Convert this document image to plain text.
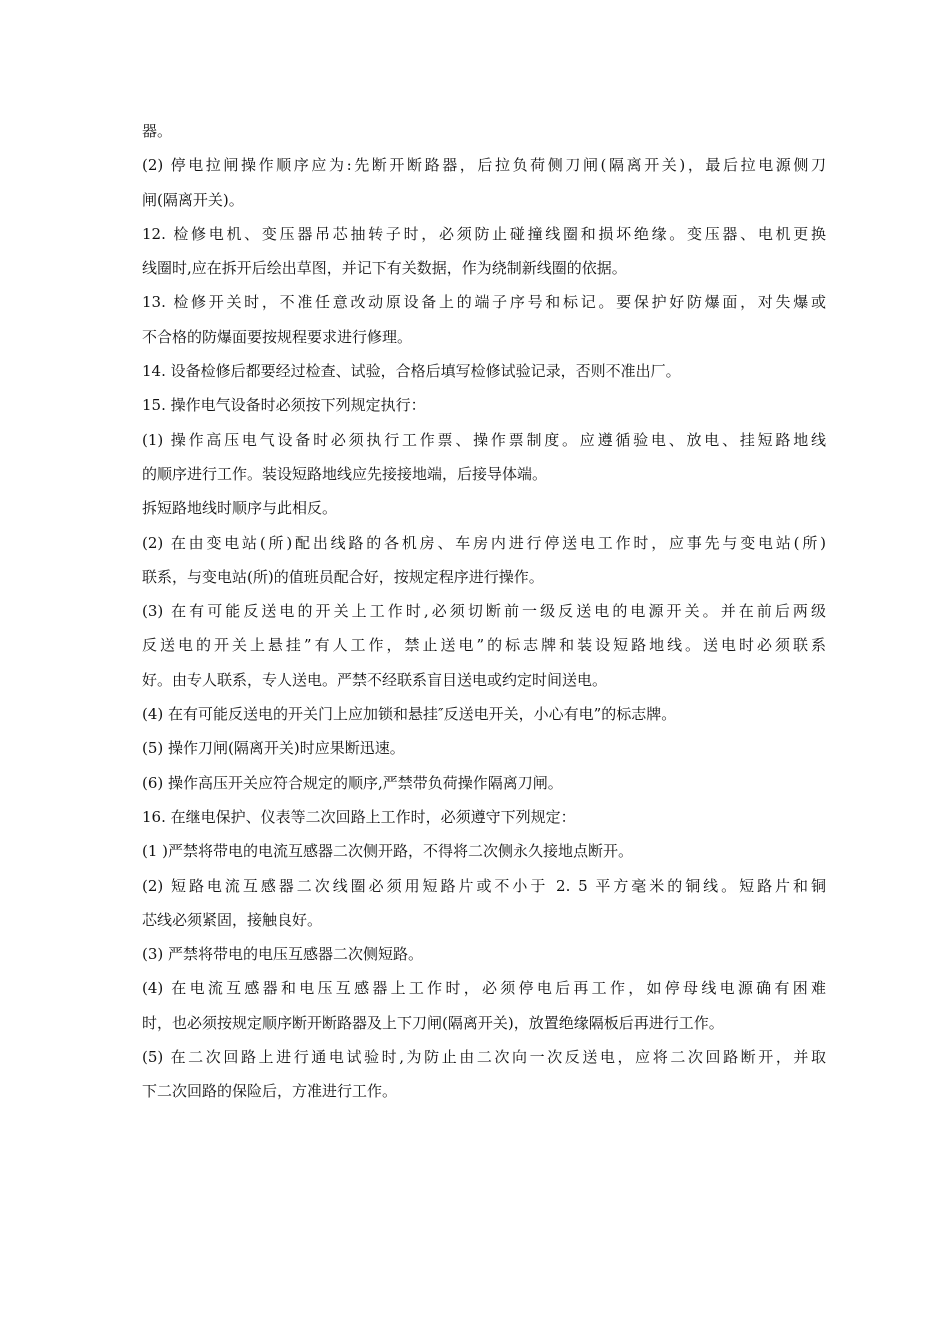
器。
(2) 停电拉闸操作顺序应为:先断开断路器，后拉负荷侧刀闸(隔离开关)，最后拉电源侧刀
闸(隔离开关)。
12. 检修电机、变压器吊芯抽转子时，必须防止碰撞线圈和损坏绝缘。变压器、电机更换
线圈时,应在拆开后绘出草图，并记下有关数据，作为绕制新线圈的依据。
13. 检修开关时，不准任意改动原设备上的端子序号和标记。要保护好防爆面，对失爆或
不合格的防爆面要按规程要求进行修理。
14. 设备检修后都要经过检查、试验，合格后填写检修试验记录，否则不准出厂。
15. 操作电气设备时必须按下列规定执行：
(1) 操作高压电气设备时必须执行工作票、操作票制度。应遵循验电、放电、挂短路地线
的顺序进行工作。装设短路地线应先接接地端，后接导体端。
拆短路地线时顺序与此相反。
(2) 在由变电站(所)配出线路的各机房、车房内进行停送电工作时，应事先与变电站(所)
联系，与变电站(所)的值班员配合好，按规定程序进行操作。
(3) 在有可能反送电的开关上工作时,必须切断前一级反送电的电源开关。并在前后两级
反送电的开关上悬挂”有人工作，禁止送电”的标志牌和装设短路地线。送电时必须联系
好。由专人联系，专人送电。严禁不经联系盲目送电或约定时间送电。
(4) 在有可能反送电的开关门上应加锁和悬挂″反送电开关，小心有电”的标志牌。
(5) 操作刀闸(隔离开关)时应果断迅速。
(6) 操作高压开关应符合规定的顺序,严禁带负荷操作隔离刀闸。
16. 在继电保护、仪表等二次回路上工作时，必须遵守下列规定：
(1 )严禁将带电的电流互感器二次侧开路，不得将二次侧永久接地点断开。
(2) 短路电流互感器二次线圈必须用短路片或不小于 2. 5 平方毫米的铜线。短路片和铜
芯线必须紧固，接触良好。
(3) 严禁将带电的电压互感器二次侧短路。
(4) 在电流互感器和电压互感器上工作时，必须停电后再工作，如停母线电源确有困难
时，也必须按规定顺序断开断路器及上下刀闸(隔离开关)，放置绝缘隔板后再进行工作。
(5) 在二次回路上进行通电试验时,为防止由二次向一次反送电，应将二次回路断开，并取
下二次回路的保险后，方准进行工作。
